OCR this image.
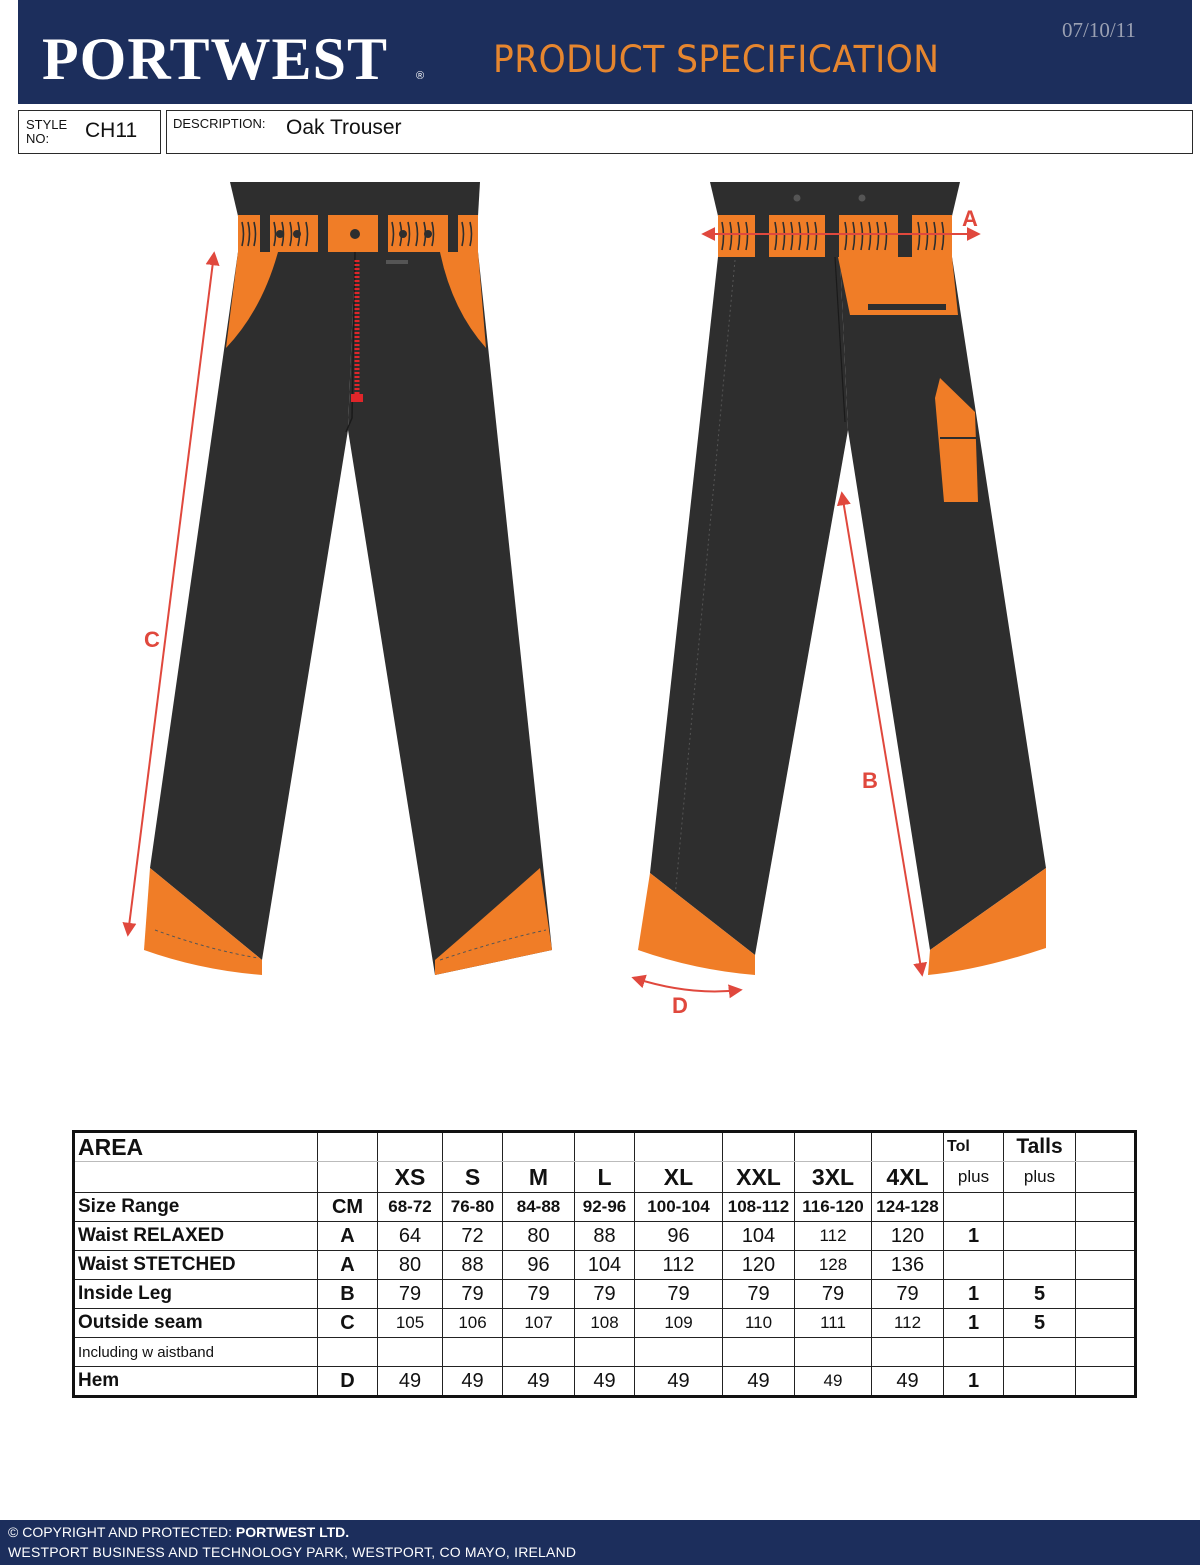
PORTWEST	® PRODUCT SPECIFICATION
07/10/11
STYLE NO:	CH11	DESCRIPTION: Oak Trouser
C
A
B
D
AREA										Tol	Talls	
		XS	S	M	L	XL	XXL	3XL	4XL	plus	plus	
Size Range	CM	68-72	76-80	84-88	92-96	100-104	108-112	116-120	124-128			
Waist RELAXED	A	64	72	80	88	96	104	112	120	1		
Waist STETCHED	A	80	88	96	104	112	120	128	136			
Inside Leg	B	79	79	79	79	79	79	79	79	1	5	
Outside seam	C	105	106	107	108	109	110	111	112	1	5	
Including w aistband												
Hem	D	49	49	49	49	49	49	49	49	1		
© COPYRIGHT AND PROTECTED: PORTWEST LTD.
WESTPORT BUSINESS AND TECHNOLOGY PARK, WESTPORT, CO MAYO, IRELAND
